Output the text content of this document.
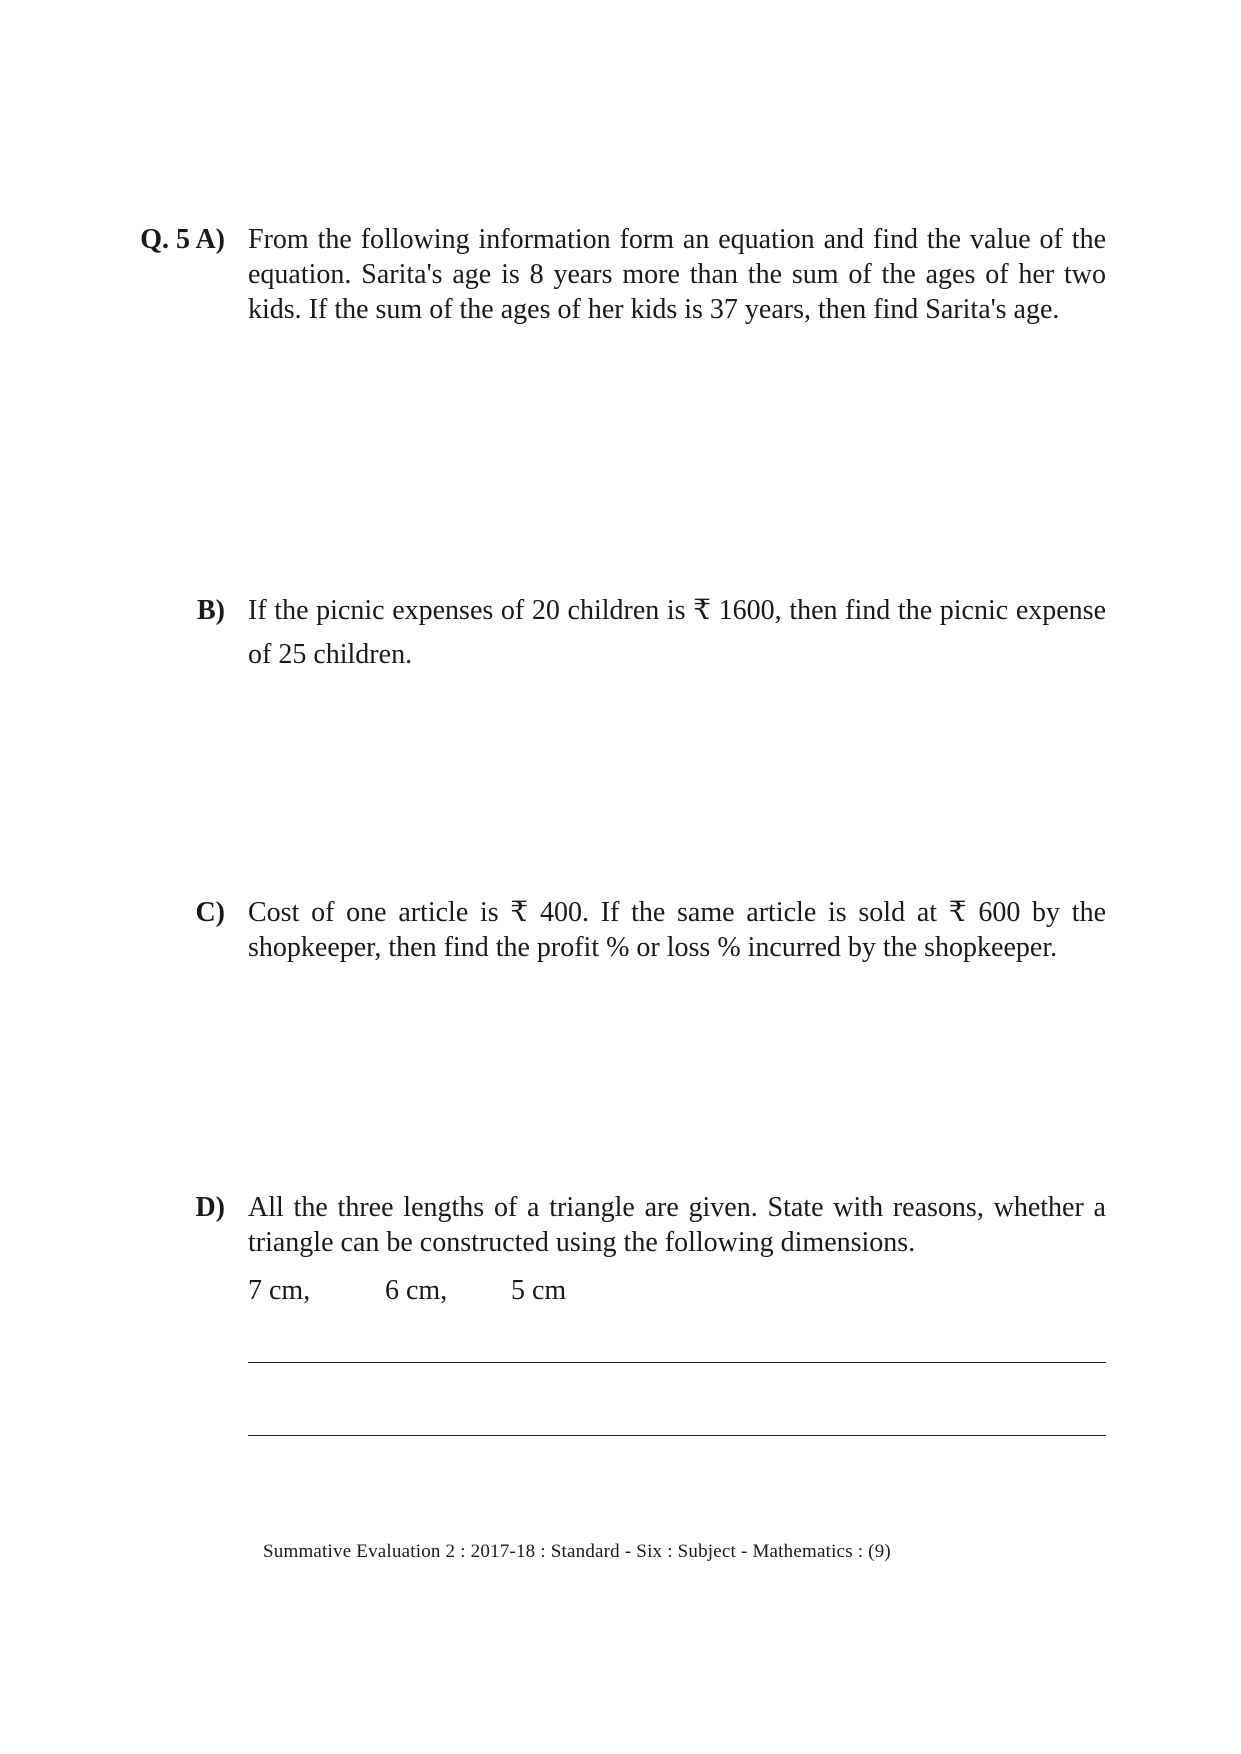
Q. 5 A) From the following information form an equation and find the value of the equation. Sarita's age is 8 years more than the sum of the ages of her two kids. If the sum of the ages of her kids is 37 years, then find Sarita's age.
B) If the picnic expenses of 20 children is ₹ 1600, then find the picnic expense of 25 children.
C) Cost of one article is ₹ 400. If the same article is sold at ₹ 600 by the shopkeeper, then find the profit % or loss % incurred by the shopkeeper.
D) All the three lengths of a triangle are given. State with reasons, whether a triangle can be constructed using the following dimensions.
7 cm,	6 cm, 5 cm
Summative Evaluation 2 : 2017-18 : Standard - Six : Subject - Mathematics : (9)
